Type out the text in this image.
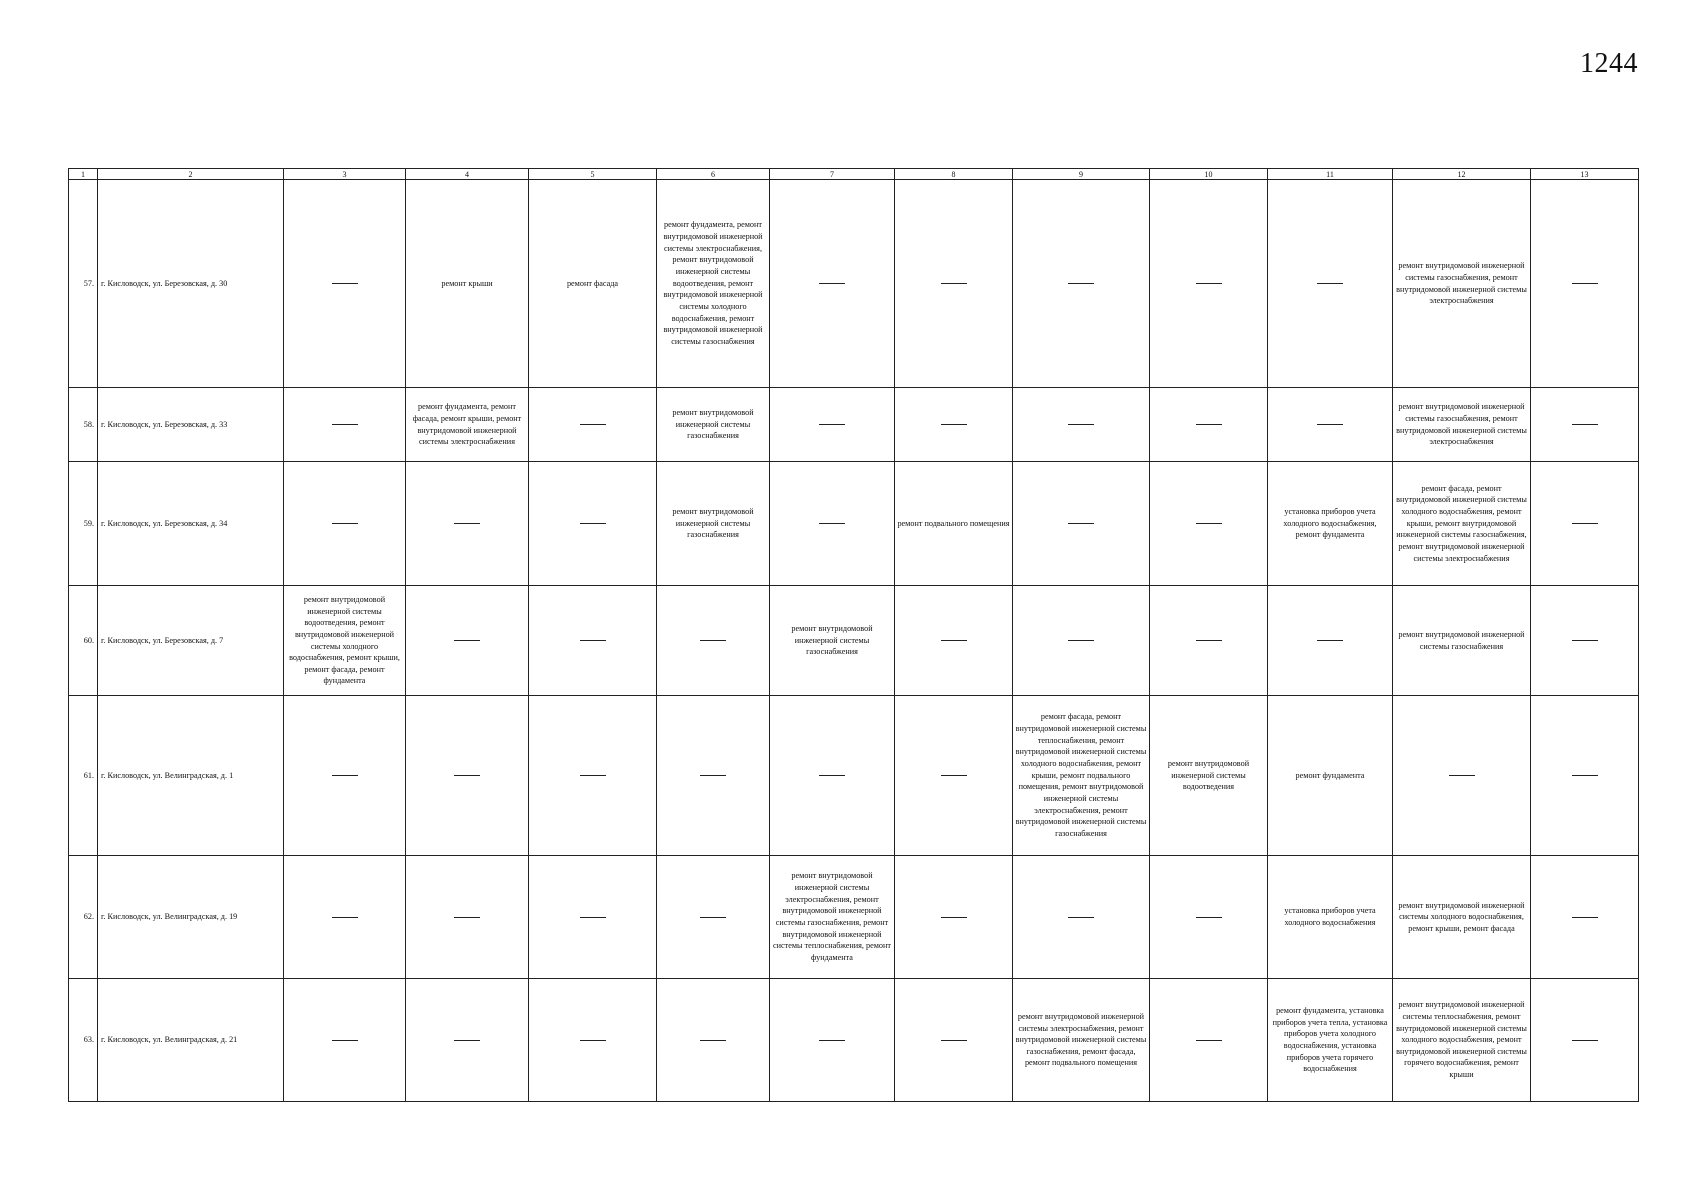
1244
1	2	3	4	5	6	7	8	9	10	11	12	13
57.	г. Кисловодск, ул. Березовская, д. 30		ремонт крыши	ремонт фасада	ремонт фундамента, ремонт внутридомовой инженерной системы электроснабжения, ремонт внутридомовой инженерной системы водоотведения, ремонт внутридомовой инженерной системы холодного водоснабжения, ремонт внутридомовой инженерной системы газоснабжения						ремонт внутридомовой инженерной системы газоснабжения, ремонт внутридомовой инженерной системы электроснабжения	
58.	г. Кисловодск, ул. Березовская, д. 33		ремонт фундамента, ремонт фасада, ремонт крыши, ремонт внутридомовой инженерной системы электроснабжения		ремонт внутридомовой инженерной системы газоснабжения						ремонт внутридомовой инженерной системы газоснабжения, ремонт внутридомовой инженерной системы электроснабжения	
59.	г. Кисловодск, ул. Березовская, д. 34				ремонт внутридомовой инженерной системы газоснабжения		ремонт подвального помещения			установка приборов учета холодного водоснабжения, ремонт фундамента	ремонт фасада, ремонт внутридомовой инженерной системы холодного водоснабжения, ремонт крыши, ремонт внутридомовой инженерной системы газоснабжения, ремонт внутридомовой инженерной системы электроснабжения	
60.	г. Кисловодск, ул. Березовская, д. 7	ремонт внутридомовой инженерной системы водоотведения, ремонт внутридомовой инженерной системы холодного водоснабжения, ремонт крыши, ремонт фасада, ремонт фундамента				ремонт внутридомовой инженерной системы газоснабжения					ремонт внутридомовой инженерной системы газоснабжения	
61.	г. Кисловодск, ул. Велинградская, д. 1							ремонт фасада, ремонт внутридомовой инженерной системы теплоснабжения, ремонт внутридомовой инженерной системы холодного водоснабжения, ремонт крыши, ремонт подвального помещения, ремонт внутридомовой инженерной системы электроснабжения, ремонт внутридомовой инженерной системы газоснабжения	ремонт внутридомовой инженерной системы водоотведения	ремонт фундамента		
62.	г. Кисловодск, ул. Велинградская, д. 19					ремонт внутридомовой инженерной системы электроснабжения, ремонт внутридомовой инженерной системы газоснабжения, ремонт внутридомовой инженерной системы теплоснабжения, ремонт фундамента				установка приборов учета холодного водоснабжения	ремонт внутридомовой инженерной системы холодного водоснабжения, ремонт крыши, ремонт фасада	
63.	г. Кисловодск, ул. Велинградская, д. 21							ремонт внутридомовой инженерной системы электроснабжения, ремонт внутридомовой инженерной системы газоснабжения, ремонт фасада, ремонт подвального помещения		ремонт фундамента, установка приборов учета тепла, установка приборов учета холодного водоснабжения, установка приборов учета горячего водоснабжения	ремонт внутридомовой инженерной системы теплоснабжения, ремонт внутридомовой инженерной системы холодного водоснабжения, ремонт внутридомовой инженерной системы горячего водоснабжения, ремонт крыши	
